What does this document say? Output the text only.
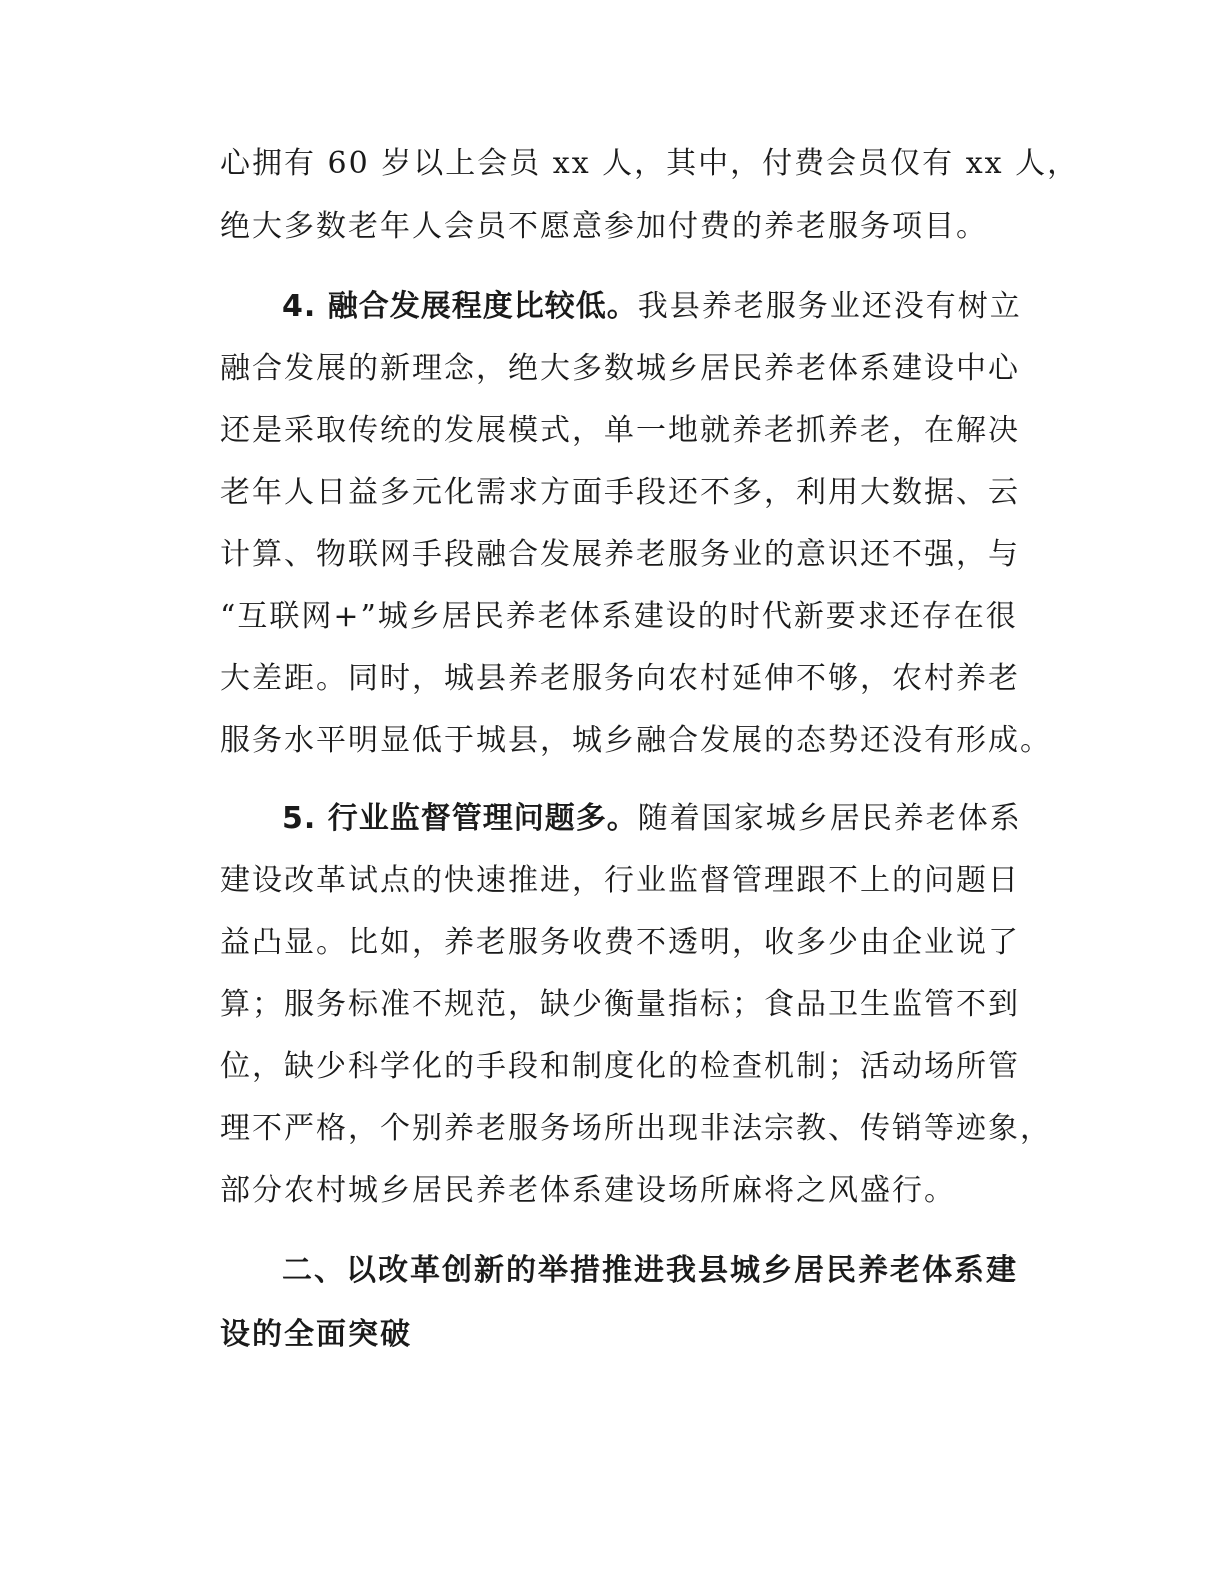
心拥有 60 岁以上会员 xx 人，其中，付费会员仅有 xx 人，
绝大多数老年人会员不愿意参加付费的养老服务项目。
4. 融合发展程度比较低。我县养老服务业还没有树立
融合发展的新理念，绝大多数城乡居民养老体系建设中心
还是采取传统的发展模式，单一地就养老抓养老，在解决
老年人日益多元化需求方面手段还不多，利用大数据、云
计算、物联网手段融合发展养老服务业的意识还不强，与
“互联网+”城乡居民养老体系建设的时代新要求还存在很
大差距。同时，城县养老服务向农村延伸不够，农村养老
服务水平明显低于城县，城乡融合发展的态势还没有形成。
5. 行业监督管理问题多。随着国家城乡居民养老体系
建设改革试点的快速推进，行业监督管理跟不上的问题日
益凸显。比如，养老服务收费不透明，收多少由企业说了
算；服务标准不规范，缺少衡量指标；食品卫生监管不到
位，缺少科学化的手段和制度化的检查机制；活动场所管
理不严格，个别养老服务场所出现非法宗教、传销等迹象，
部分农村城乡居民养老体系建设场所麻将之风盛行。
二、以改革创新的举措推进我县城乡居民养老体系建
设的全面突破
